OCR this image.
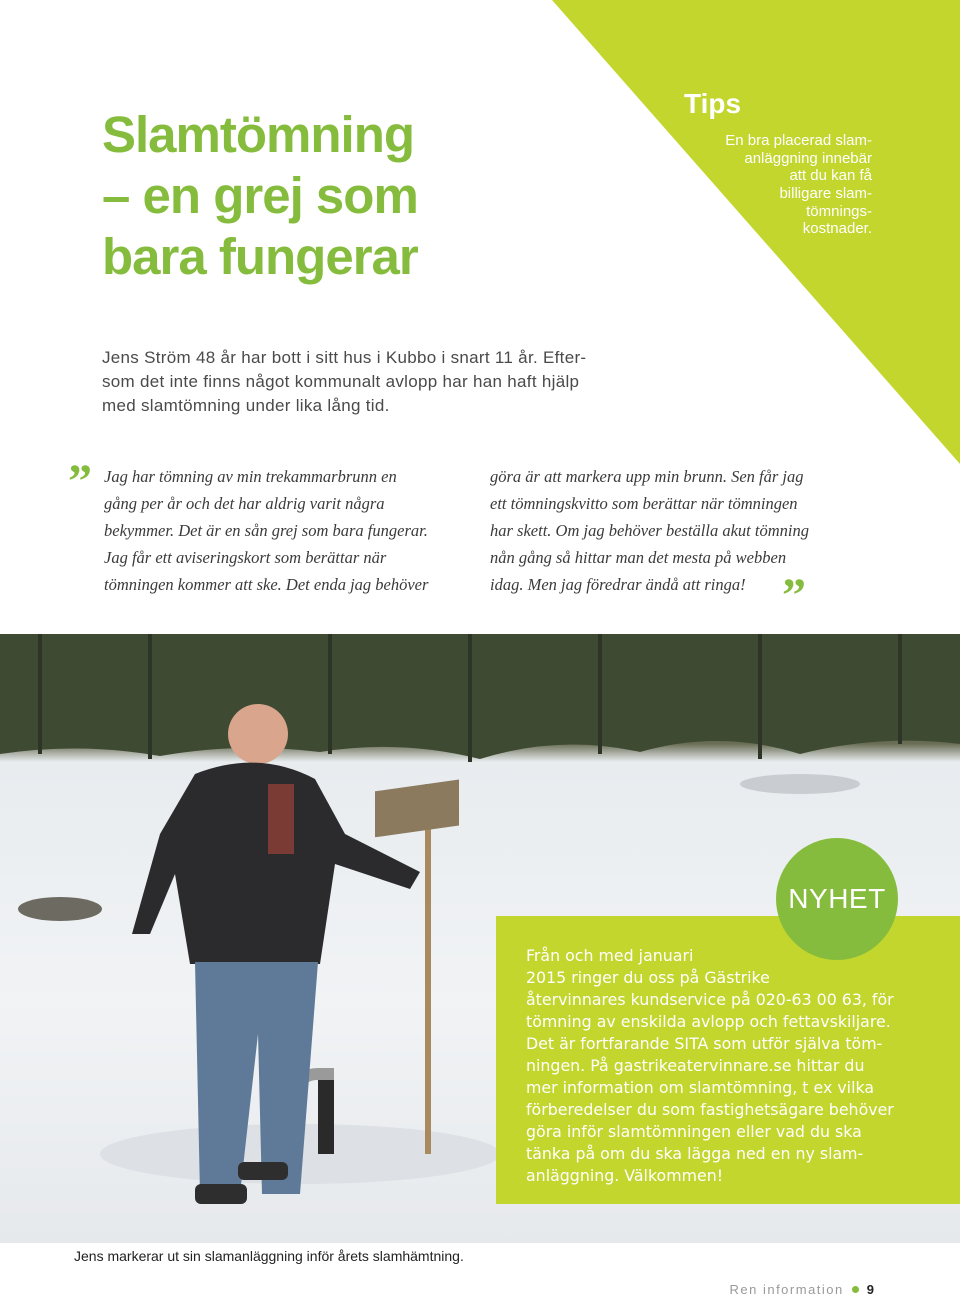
Tips
En bra placerad slam-
anläggning innebär
att du kan få
billigare slam-
tömnings-
kostnader.
Slamtömning
– en grej som
bara fungerar
Jens Ström 48 år har bott i sitt hus i Kubbo i snart 11 år. Efter-
som det inte finns något kommunalt avlopp har han haft hjälp
med slamtömning under lika lång tid.
” Jag har tömning av min trekammarbrunn en
gång per år och det har aldrig varit några
bekymmer. Det är en sån grej som bara fungerar.
Jag får ett aviseringskort som berättar när
tömningen kommer att ske. Det enda jag behöver
göra är att markera upp min brunn. Sen får jag
ett tömningskvitto som berättar när tömningen
har skett. Om jag behöver beställa akut tömning
nån gång så hittar man det mesta på webben
idag. Men jag föredrar ändå att ringa! ”
NYHET
Från och med januari
2015 ringer du oss på Gästrike
återvinnares kundservice på 020-63 00 63, för
tömning av enskilda avlopp och fettavskiljare.
Det är fortfarande SITA som utför själva töm-
ningen. På gastrikeatervinnare.se hittar du
mer information om slamtömning, t ex vilka
förberedelser du som fastighetsägare behöver
göra inför slamtömningen eller vad du ska
tänka på om du ska lägga ned en ny slam-
anläggning. Välkommen!
Jens markerar ut sin slamanläggning inför årets slamhämtning.
Ren information 9
